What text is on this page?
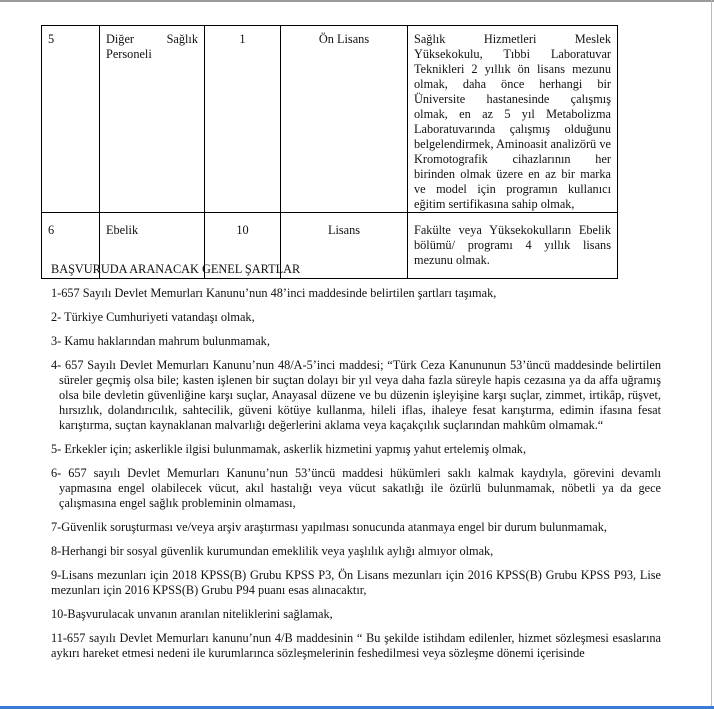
5	Diğer Sağlık Personeli	1	Ön Lisans	Sağlık Hizmetleri Meslek Yüksekokulu, Tıbbi Laboratuvar Teknikleri 2 yıllık ön lisans mezunu olmak, daha önce herhangi bir Üniversite hastanesinde çalışmış olmak, en az 5 yıl Metabolizma Laboratuvarında çalışmış olduğunu belgelendirmek, Aminoasit analizörü ve Kromotografik cihazlarının her birinden olmak üzere en az bir marka ve model için programın kullanıcı eğitim sertifikasına sahip olmak,
6	Ebelik	10	Lisans	Fakülte veya Yüksekokulların Ebelik bölümü/ programı 4 yıllık lisans mezunu olmak.
BAŞVURUDA ARANACAK GENEL ŞARTLAR
1-657 Sayılı Devlet Memurları Kanunu’nun 48’inci maddesinde belirtilen şartları taşımak,
2- Türkiye Cumhuriyeti vatandaşı olmak,
3- Kamu haklarından mahrum bulunmamak,
4- 657 Sayılı Devlet Memurları Kanunu’nun 48/A-5’inci maddesi; “Türk Ceza Kanununun 53’üncü maddesinde belirtilen süreler geçmiş olsa bile; kasten işlenen bir suçtan dolayı bir yıl veya daha fazla süreyle hapis cezasına ya da affa uğramış olsa bile devletin güvenliğine karşı suçlar, Anayasal düzene ve bu düzenin işleyişine karşı suçlar, zimmet, irtikâp, rüşvet, hırsızlık, dolandırıcılık, sahtecilik, güveni kötüye kullanma, hileli iflas, ihaleye fesat karıştırma, edimin ifasına fesat karıştırma, suçtan kaynaklanan malvarlığı değerlerini aklama veya kaçakçılık suçlarından mahkûm olmamak.“
5- Erkekler için; askerlikle ilgisi bulunmamak, askerlik hizmetini yapmış yahut ertelemiş olmak,
6- 657 sayılı Devlet Memurları Kanunu’nun 53’üncü maddesi hükümleri saklı kalmak kaydıyla, görevini devamlı yapmasına engel olabilecek vücut, akıl hastalığı veya vücut sakatlığı ile özürlü bulunmamak, nöbetli ya da gece çalışmasına engel sağlık probleminin olmaması,
7-Güvenlik soruşturması ve/veya arşiv araştırması yapılması sonucunda atanmaya engel bir durum bulunmamak,
8-Herhangi bir sosyal güvenlik kurumundan emeklilik veya yaşlılık aylığı almıyor olmak,
9-Lisans mezunları için 2018 KPSS(B) Grubu KPSS P3, Ön Lisans mezunları için 2016 KPSS(B) Grubu KPSS P93, Lise mezunları için 2016 KPSS(B) Grubu P94 puanı esas alınacaktır,
10-Başvurulacak unvanın aranılan niteliklerini sağlamak,
11-657 sayılı Devlet Memurları kanunu’nun 4/B maddesinin “ Bu şekilde istihdam edilenler, hizmet sözleşmesi esaslarına aykırı hareket etmesi nedeni ile kurumlarınca sözleşmelerinin feshedilmesi veya sözleşme dönemi içerisinde
